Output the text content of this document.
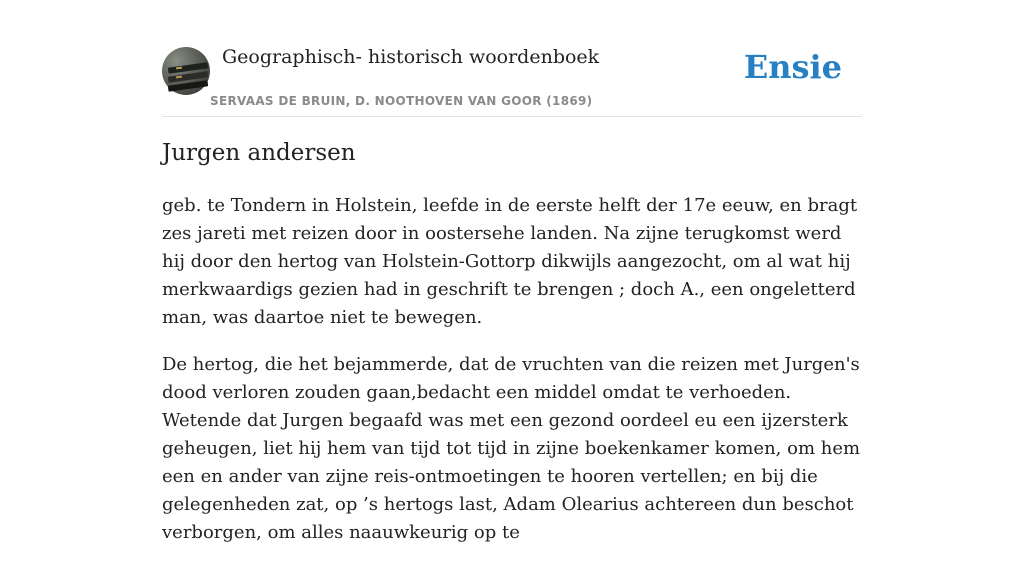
Geographisch- historisch woordenboek
SERVAAS DE BRUIN, D. NOOTHOVEN VAN GOOR (1869)
Ensie
Jurgen andersen

geb. te Tondern in Holstein, leefde in de eerste helft der 17e eeuw, en bragt zes jareti met reizen door in oostersehe landen. Na zijne terugkomst werd hij door den hertog van Holstein-Gottorp dikwijls aangezocht, om al wat hij merkwaardigs gezien had in geschrift te brengen ; doch A., een ongeletterd man, was daartoe niet te bewegen.

De hertog, die het bejammerde, dat de vruchten van die reizen met Jurgen's dood verloren zouden gaan,bedacht een middel omdat te verhoeden. Wetende dat Jurgen begaafd was met een gezond oordeel eu een ijzersterk geheugen, liet hij hem van tijd tot tijd in zijne boekenkamer komen, om hem een en ander van zijne reis-ontmoetingen te hooren vertellen; en bij die gelegenheden zat, op ’s hertogs last, Adam Olearius achtereen dun beschot verborgen, om alles naauwkeurig op te
